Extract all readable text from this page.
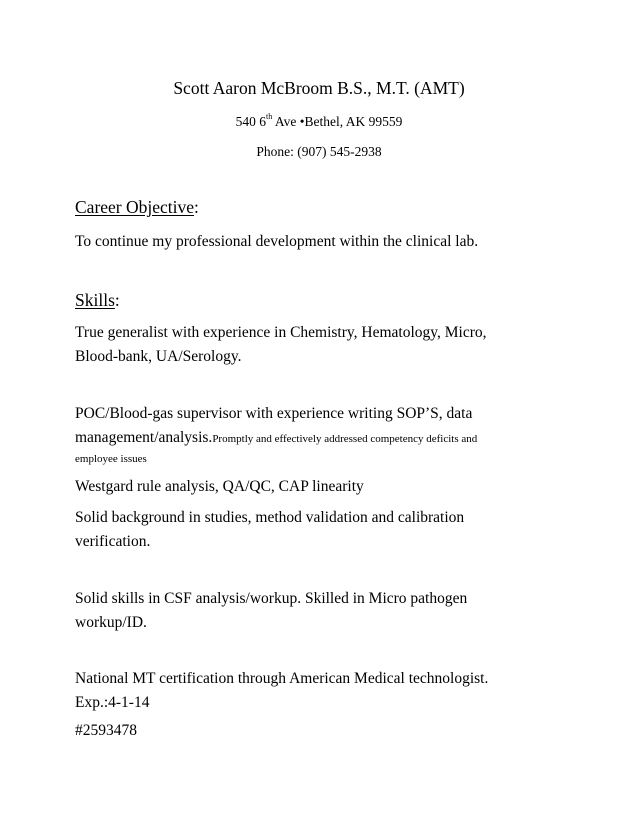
Scott Aaron McBroom B.S., M.T. (AMT)

540 6th Ave •Bethel, AK 99559

Phone: (907) 545-2938

Career Objective:

To continue my professional development within the clinical lab.

Skills:

True generalist with experience in Chemistry, Hematology, Micro,
Blood-bank, UA/Serology.
POC/Blood-gas supervisor with experience writing SOP’S, data
management/analysis.Promptly and effectively addressed competency deficits and
employee issues
Westgard rule analysis, QA/QC, CAP linearity
Solid background in studies, method validation and calibration
verification.
Solid skills in CSF analysis/workup. Skilled in Micro pathogen
workup/ID.
National MT certification through American Medical technologist.
Exp.:4-1-14
#2593478
